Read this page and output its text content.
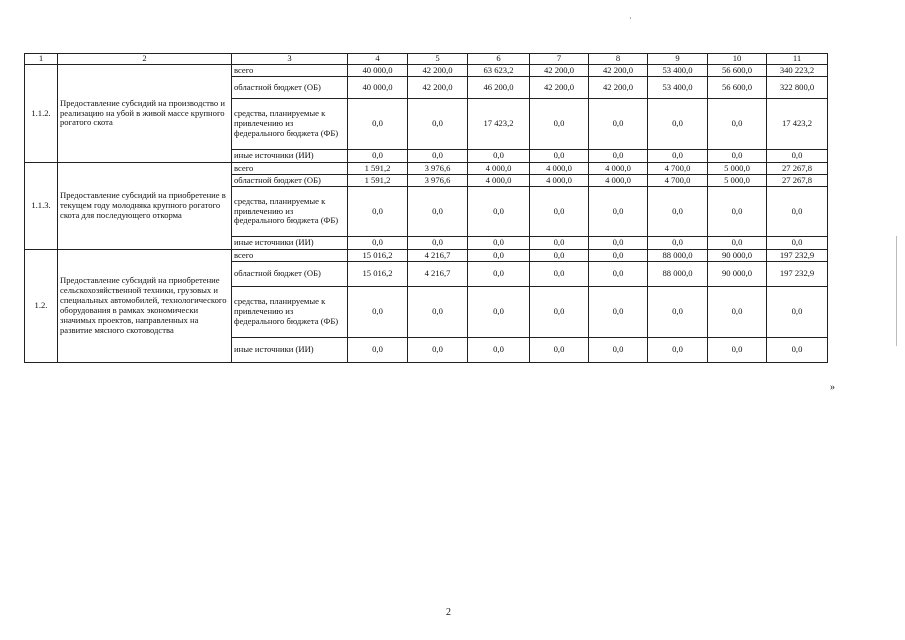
·
1	2	3	4	5	6	7	8	9	10	11
1.1.2.	Предоставление субсидий на производство и реализацию на убой в живой массе крупного рогатого скота	всего	40 000,0	42 200,0	63 623,2	42 200,0	42 200,0	53 400,0	56 600,0	340 223,2
		областной бюджет (ОБ)	40 000,0	42 200,0	46 200,0	42 200,0	42 200,0	53 400,0	56 600,0	322 800,0
		средства, планируемые к привлечению из федерального бюджета (ФБ)	0,0	0,0	17 423,2	0,0	0,0	0,0	0,0	17 423,2
		иные источники (ИИ)	0,0	0,0	0,0	0,0	0,0	0,0	0,0	0,0
1.1.3.	Предоставление субсидий на приобретение в текущем году молодняка крупного рогатого скота для последующего откорма	всего	1 591,2	3 976,6	4 000,0	4 000,0	4 000,0	4 700,0	5 000,0	27 267,8
		областной бюджет (ОБ)	1 591,2	3 976,6	4 000,0	4 000,0	4 000,0	4 700,0	5 000,0	27 267,8
		средства, планируемые к привлечению из федерального бюджета (ФБ)	0,0	0,0	0,0	0,0	0,0	0,0	0,0	0,0
		иные источники (ИИ)	0,0	0,0	0,0	0,0	0,0	0,0	0,0	0,0
1.2.	Предоставление субсидий на приобретение сельскохозяйственной техники, грузовых и специальных автомобилей, технологического оборудования в рамках экономически значимых проектов, направленных на развитие мясного скотоводства	всего	15 016,2	4 216,7	0,0	0,0	0,0	88 000,0	90 000,0	197 232,9
		областной бюджет (ОБ)	15 016,2	4 216,7	0,0	0,0	0,0	88 000,0	90 000,0	197 232,9
		средства, планируемые к привлечению из федерального бюджета (ФБ)	0,0	0,0	0,0	0,0	0,0	0,0	0,0	0,0
		иные источники (ИИ)	0,0	0,0	0,0	0,0	0,0	0,0	0,0	0,0
»
2
